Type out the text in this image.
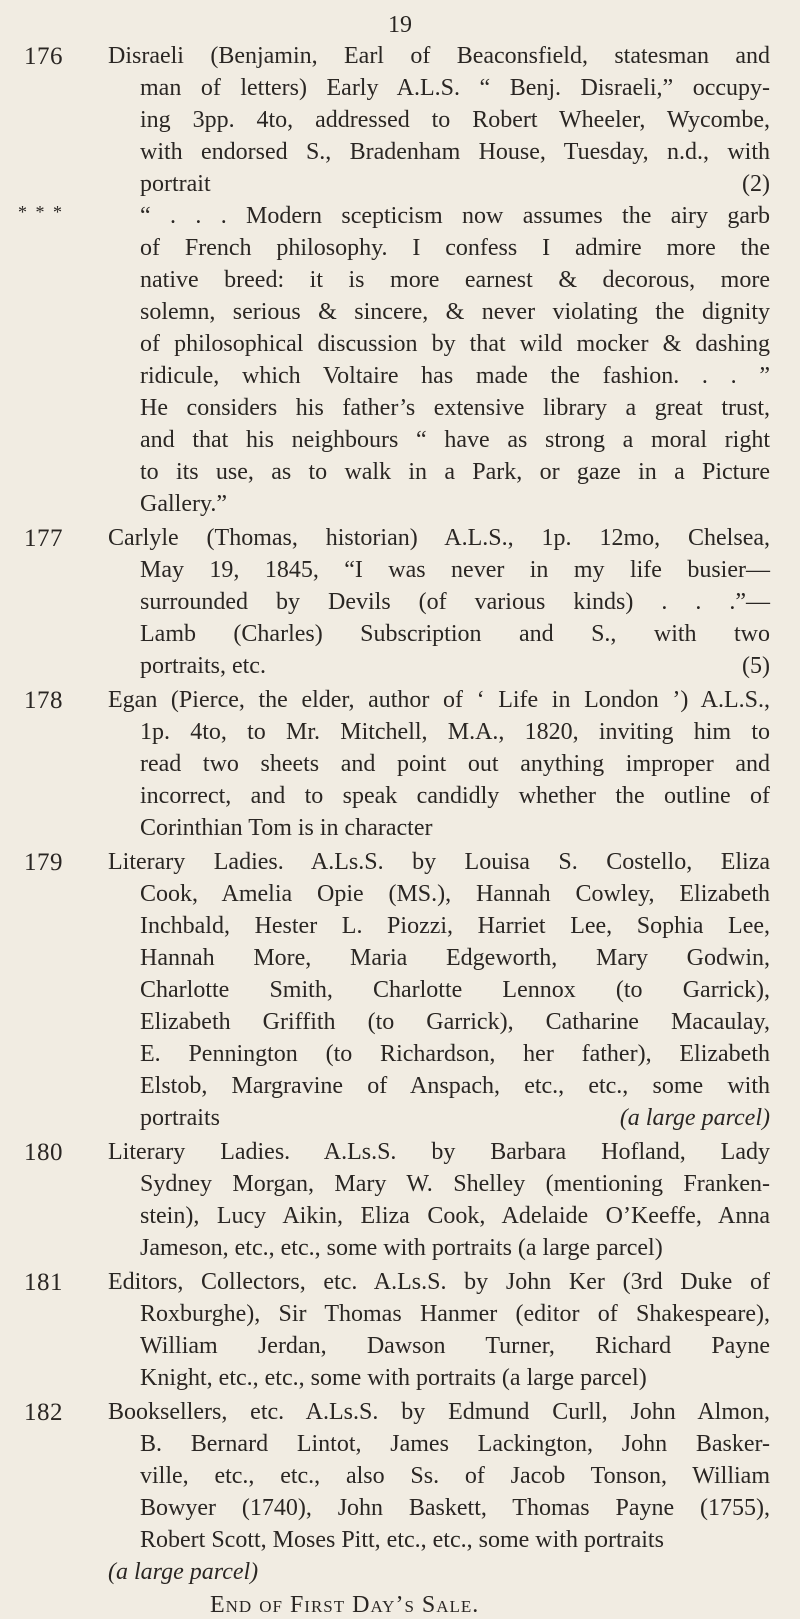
19
176 Disraeli (Benjamin, Earl of Beaconsfield, statesman and
man of letters) Early A.L.S. “ Benj. Disraeli,” occupy-
ing 3pp. 4to, addressed to Robert Wheeler, Wycombe,
with endorsed S., Bradenham House, Tuesday, n.d., with
portrait	(2)
“ . . . Modern scepticism now assumes the airy garb
of French philosophy. I confess I admire more the
native breed: it is more earnest & decorous, more
solemn, serious & sincere, & never violating the dignity
of philosophical discussion by that wild mocker & dashing
ridicule, which Voltaire has made the fashion. . . ”
He considers his father’s extensive library a great trust,
and that his neighbours “ have as strong a moral right
to its use, as to walk in a Park, or gaze in a Picture
Gallery.”
* * *
177 Carlyle (Thomas, historian) A.L.S., 1p. 12mo, Chelsea,
May 19, 1845, “I was never in my life busier—
surrounded by Devils (of various kinds) . . .”—
Lamb (Charles) Subscription and S., with two
portraits, etc.	(5)
178 Egan (Pierce, the elder, author of ‘ Life in London ’) A.L.S.,
1p. 4to, to Mr. Mitchell, M.A., 1820, inviting him to
read two sheets and point out anything improper and
incorrect, and to speak candidly whether the outline of
Corinthian Tom is in character
179 Literary Ladies. A.Ls.S. by Louisa S. Costello, Eliza
Cook, Amelia Opie (MS.), Hannah Cowley, Elizabeth
Inchbald, Hester L. Piozzi, Harriet Lee, Sophia Lee,
Hannah More, Maria Edgeworth, Mary Godwin,
Charlotte Smith, Charlotte Lennox (to Garrick),
Elizabeth Griffith (to Garrick), Catharine Macaulay,
E. Pennington (to Richardson, her father), Elizabeth
Elstob, Margravine of Anspach, etc., etc., some with
portraits	(a large parcel)
180 Literary Ladies. A.Ls.S. by Barbara Hofland, Lady
Sydney Morgan, Mary W. Shelley (mentioning Franken-
stein), Lucy Aikin, Eliza Cook, Adelaide O’Keeffe, Anna
Jameson, etc., etc., some with portraits (a large parcel)
181 Editors, Collectors, etc. A.Ls.S. by John Ker (3rd Duke of
Roxburghe), Sir Thomas Hanmer (editor of Shakespeare),
William Jerdan, Dawson Turner, Richard Payne
Knight, etc., etc., some with portraits (a large parcel)
182 Booksellers, etc. A.Ls.S. by Edmund Curll, John Almon,
B. Bernard Lintot, James Lackington, John Basker-
ville, etc., etc., also Ss. of Jacob Tonson, William
Bowyer (1740), John Baskett, Thomas Payne (1755),
Robert Scott, Moses Pitt, etc., etc., some with portraits
(a large parcel)
End of First Day’s Sale.
